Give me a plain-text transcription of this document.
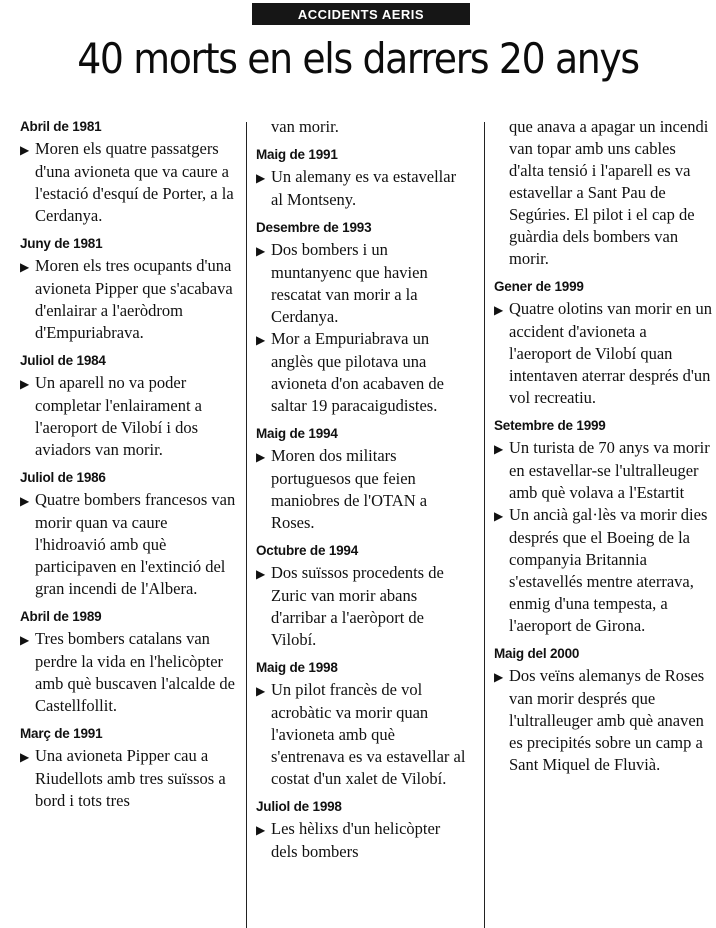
ACCIDENTS AERIS
40 morts en els darrers 20 anys
Abril de 1981
▶ Moren els quatre passatgers d'una avioneta que va caure a l'estació d'esquí de Porter, a la Cerdanya.
Juny de 1981
▶ Moren els tres ocupants d'una avioneta Pipper que s'acabava d'enlairar a l'aeròdrom d'Empuriabrava.
Juliol de 1984
▶ Un aparell no va poder completar l'enlairament a l'aeroport de Vilobí i dos aviadors van morir.
Juliol de 1986
▶ Quatre bombers francesos van morir quan va caure l'hidroavió amb què participaven en l'extinció del gran incendi de l'Albera.
Abril de 1989
▶ Tres bombers catalans van perdre la vida en l'helicòpter amb què buscaven l'alcalde de Castellfollit.
Març de 1991
▶ Una avioneta Pipper cau a Riudellots amb tres suïssos a bord i tots tres
van morir.
Maig de 1991
▶ Un alemany es va estavellar al Montseny.
Desembre de 1993
▶ Dos bombers i un muntanyenc que havien rescatat van morir a la Cerdanya.
▶ Mor a Empuriabrava un anglès que pilotava una avioneta d'on acabaven de saltar 19 paracaigudistes.
Maig de 1994
▶ Moren dos militars portuguesos que feien maniobres de l'OTAN a Roses.
Octubre de 1994
▶ Dos suïssos procedents de Zuric van morir abans d'arribar a l'aeròport de Vilobí.
Maig de 1998
▶ Un pilot francès de vol acrobàtic va morir quan l'avioneta amb què s'entrenava es va estavellar al costat d'un xalet de Vilobí.
Juliol de 1998
▶ Les hèlixs d'un helicòpter dels bombers
que anava a apagar un incendi van topar amb uns cables d'alta tensió i l'aparell es va estavellar a Sant Pau de Segúries. El pilot i el cap de guàrdia dels bombers van morir.
Gener de 1999
▶ Quatre olotins van morir en un accident d'avioneta a l'aeroport de Vilobí quan intentaven aterrar després d'un vol recreatiu.
Setembre de 1999
▶ Un turista de 70 anys va morir en estavellar-se l'ultralleuger amb què volava a l'Estartit
▶ Un ancià gal·lès va morir dies després que el Boeing de la companyia Britannia s'estavellés mentre aterrava, enmig d'una tempesta, a l'aeroport de Girona.
Maig del 2000
▶ Dos veïns alemanys de Roses van morir després que l'ultralleuger amb què anaven es precipités sobre un camp a Sant Miquel de Fluvià.
